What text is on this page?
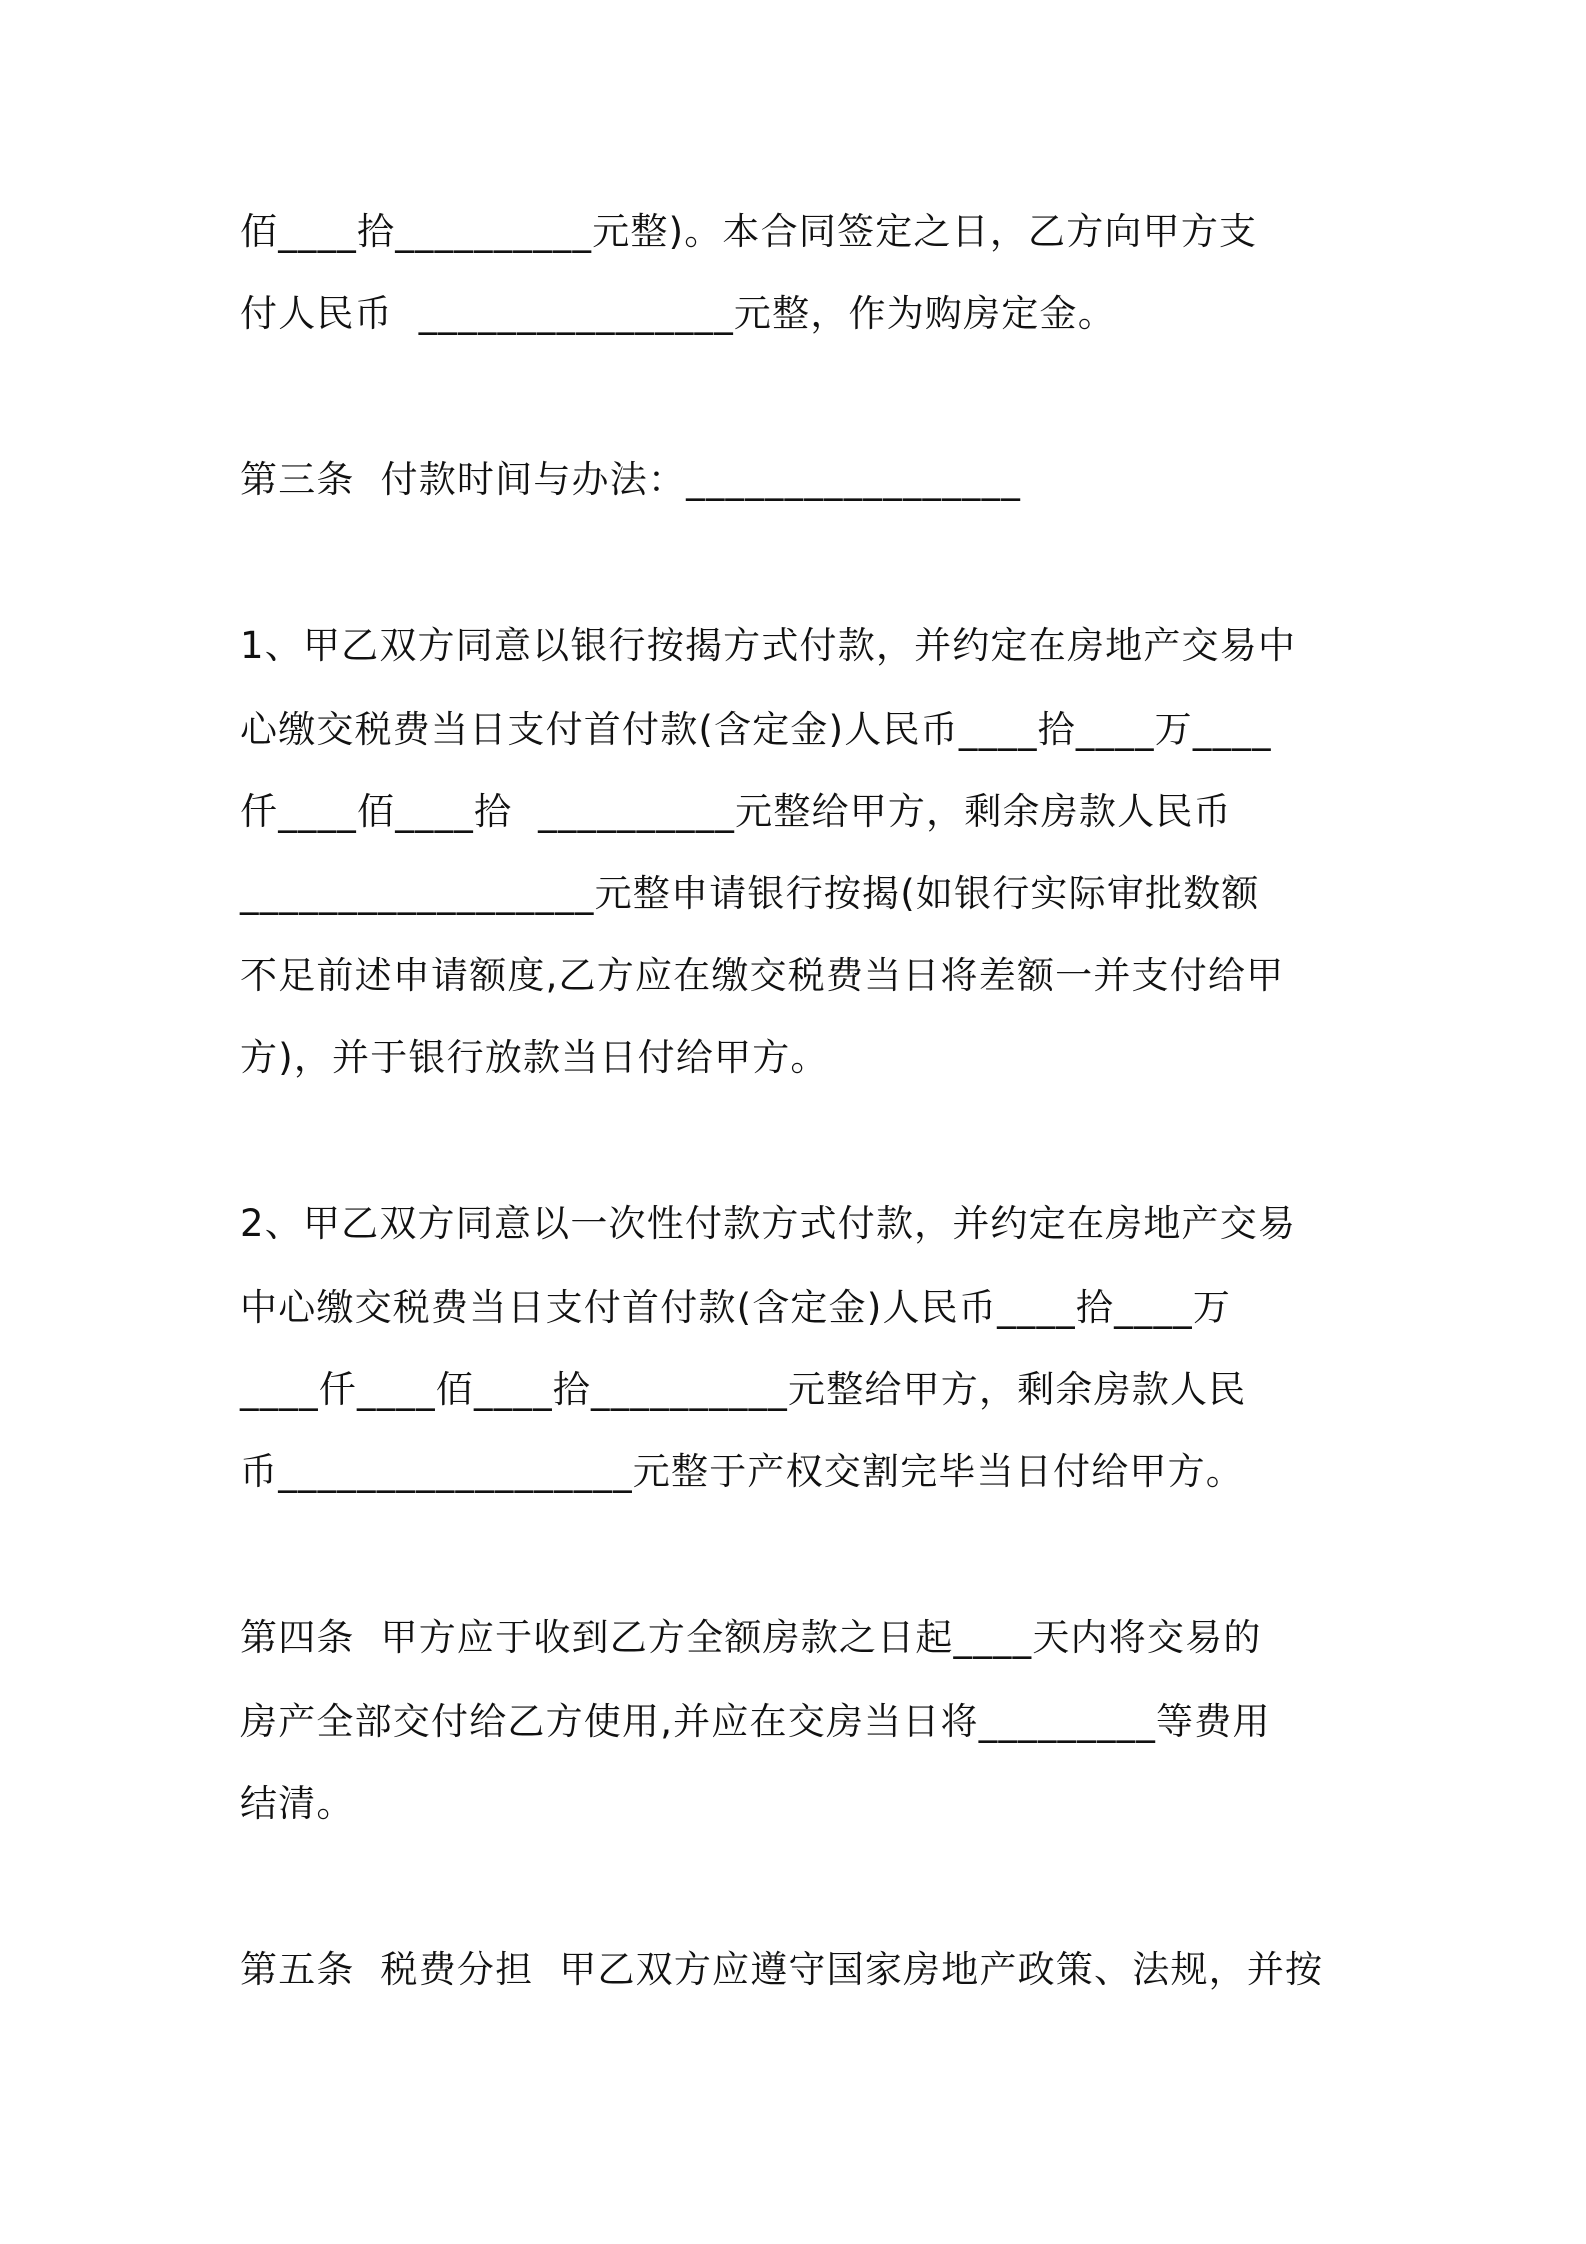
佰____拾__________元整)。本合同签定之日，乙方向甲方支
付人民币  ________________元整，作为购房定金。
第三条  付款时间与办法：_________________
1、甲乙双方同意以银行按揭方式付款，并约定在房地产交易中
心缴交税费当日支付首付款(含定金)人民币____拾____万____
仟____佰____拾  __________元整给甲方，剩余房款人民币
__________________元整申请银行按揭(如银行实际审批数额
不足前述申请额度,乙方应在缴交税费当日将差额一并支付给甲
方)，并于银行放款当日付给甲方。
2、甲乙双方同意以一次性付款方式付款，并约定在房地产交易
中心缴交税费当日支付首付款(含定金)人民币____拾____万
____仟____佰____拾__________元整给甲方，剩余房款人民
币__________________元整于产权交割完毕当日付给甲方。
第四条  甲方应于收到乙方全额房款之日起____天内将交易的
房产全部交付给乙方使用,并应在交房当日将_________等费用
结清。
第五条  税费分担  甲乙双方应遵守国家房地产政策、法规，并按
